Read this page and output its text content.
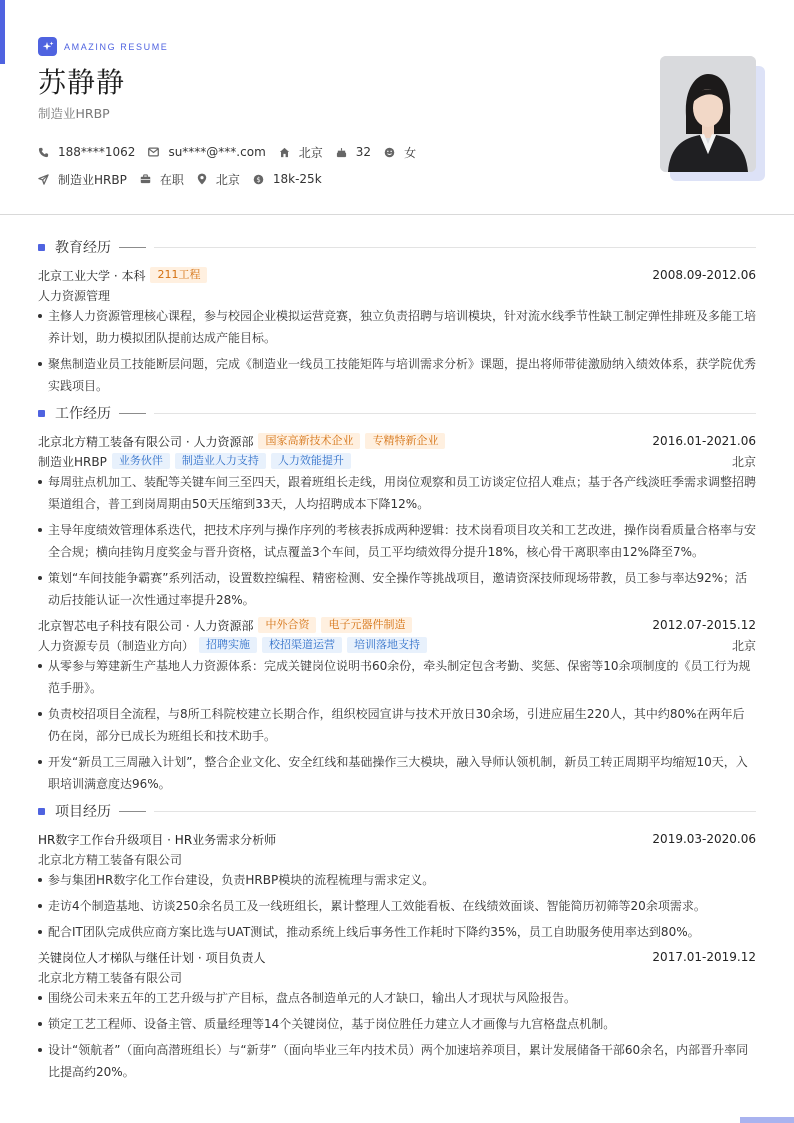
AMAZING RESUME
苏静静
制造业HRBP
188****1062	su****@***.com	北京	32	女
制造业HRBP	在职	北京 $ 18k-25k
教育经历
北京工业大学 · 本科	211工程	2008.09-2012.06
人力资源管理
主修人力资源管理核心课程，参与校园企业模拟运营竞赛，独立负责招聘与培训模块，针对流水线季节性缺工制定弹性排班及多能工培养计划，助力模拟团队提前达成产能目标。
聚焦制造业员工技能断层问题，完成《制造业一线员工技能矩阵与培训需求分析》课题，提出将师带徒激励纳入绩效体系，获学院优秀实践项目。
工作经历
北京北方精工装备有限公司 · 人力资源部	国家高新技术企业	专精特新企业	2016.01-2021.06
制造业HRBP	业务伙伴	制造业人力支持	人力效能提升	北京
每周驻点机加工、装配等关键车间三至四天，跟着班组长走线，用岗位观察和员工访谈定位招人难点；基于各产线淡旺季需求调整招聘渠道组合，普工到岗周期由50天压缩到33天，人均招聘成本下降12%。
主导年度绩效管理体系迭代，把技术序列与操作序列的考核表拆成两种逻辑：技术岗看项目攻关和工艺改进，操作岗看质量合格率与安全合规；横向挂钩月度奖金与晋升资格，试点覆盖3个车间，员工平均绩效得分提升18%，核心骨干离职率由12%降至7%。
策划“车间技能争霸赛”系列活动，设置数控编程、精密检测、安全操作等挑战项目，邀请资深技师现场带教，员工参与率达92%；活动后技能认证一次性通过率提升28%。
北京智芯电子科技有限公司 · 人力资源部	中外合资	电子元器件制造	2012.07-2015.12
人力资源专员（制造业方向）	招聘实施	校招渠道运营	培训落地支持	北京
从零参与筹建新生产基地人力资源体系：完成关键岗位说明书60余份，牵头制定包含考勤、奖惩、保密等10余项制度的《员工行为规范手册》。
负责校招项目全流程，与8所工科院校建立长期合作，组织校园宣讲与技术开放日30余场，引进应届生220人，其中约80%在两年后仍在岗，部分已成长为班组长和技术助手。
开发“新员工三周融入计划”，整合企业文化、安全红线和基础操作三大模块，融入导师认领机制，新员工转正周期平均缩短10天，入职培训满意度达96%。
项目经历
HR数字工作台升级项目 · HR业务需求分析师	2019.03-2020.06
北京北方精工装备有限公司
参与集团HR数字化工作台建设，负责HRBP模块的流程梳理与需求定义。
走访4个制造基地、访谈250余名员工及一线班组长，累计整理人工效能看板、在线绩效面谈、智能简历初筛等20余项需求。
配合IT团队完成供应商方案比选与UAT测试，推动系统上线后事务性工作耗时下降约35%，员工自助服务使用率达到80%。
关键岗位人才梯队与继任计划 · 项目负责人	2017.01-2019.12
北京北方精工装备有限公司
围绕公司未来五年的工艺升级与扩产目标，盘点各制造单元的人才缺口，输出人才现状与风险报告。
锁定工艺工程师、设备主管、质量经理等14个关键岗位，基于岗位胜任力建立人才画像与九宫格盘点机制。
设计“领航者”（面向高潜班组长）与“新芽”（面向毕业三年内技术员）两个加速培养项目，累计发展储备干部60余名，内部晋升率同比提高约20%。
